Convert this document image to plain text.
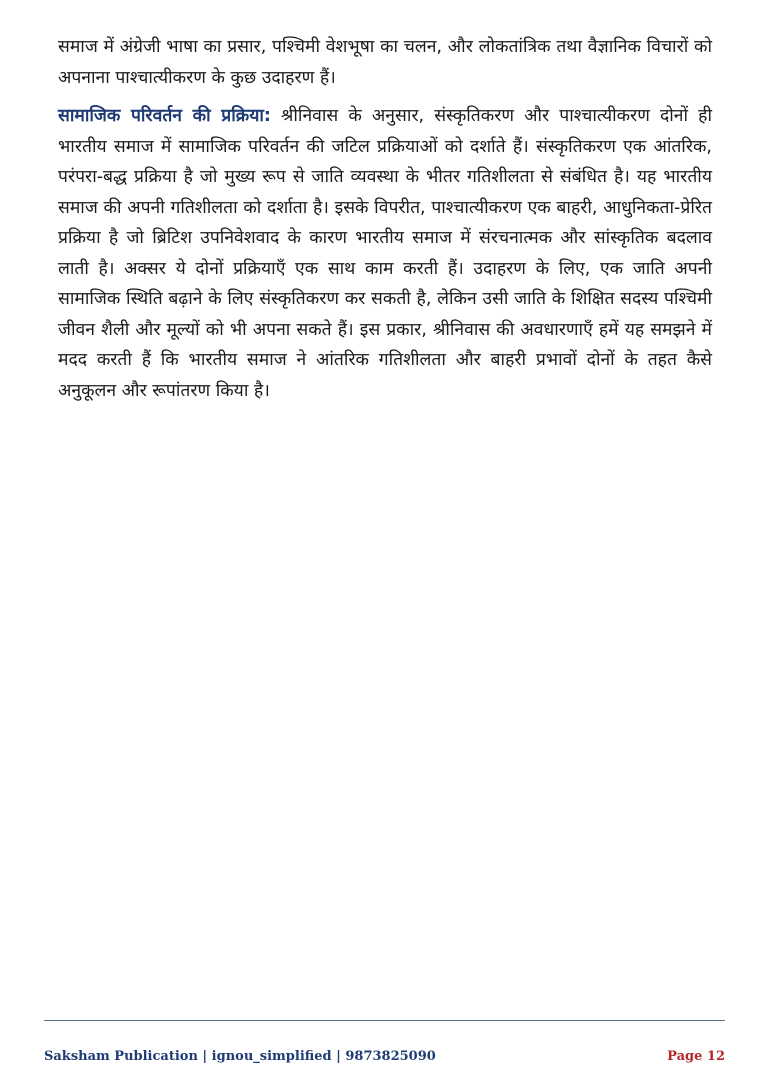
समाज में अंग्रेजी भाषा का प्रसार, पश्चिमी वेशभूषा का चलन, और लोकतांत्रिक तथा वैज्ञानिक विचारों को अपनाना पाश्चात्यीकरण के कुछ उदाहरण हैं।

सामाजिक परिवर्तन की प्रक्रिया: श्रीनिवास के अनुसार, संस्कृतिकरण और पाश्चात्यीकरण दोनों ही भारतीय समाज में सामाजिक परिवर्तन की जटिल प्रक्रियाओं को दर्शाते हैं। संस्कृतिकरण एक आंतरिक, परंपरा-बद्ध प्रक्रिया है जो मुख्य रूप से जाति व्यवस्था के भीतर गतिशीलता से संबंधित है। यह भारतीय समाज की अपनी गतिशीलता को दर्शाता है। इसके विपरीत, पाश्चात्यीकरण एक बाहरी, आधुनिकता-प्रेरित प्रक्रिया है जो ब्रिटिश उपनिवेशवाद के कारण भारतीय समाज में संरचनात्मक और सांस्कृतिक बदलाव लाती है। अक्सर ये दोनों प्रक्रियाएँ एक साथ काम करती हैं। उदाहरण के लिए, एक जाति अपनी सामाजिक स्थिति बढ़ाने के लिए संस्कृतिकरण कर सकती है, लेकिन उसी जाति के शिक्षित सदस्य पश्चिमी जीवन शैली और मूल्यों को भी अपना सकते हैं। इस प्रकार, श्रीनिवास की अवधारणाएँ हमें यह समझने में मदद करती हैं कि भारतीय समाज ने आंतरिक गतिशीलता और बाहरी प्रभावों दोनों के तहत कैसे अनुकूलन और रूपांतरण किया है।

Saksham Publication | ignou_simplified | 9873825090	Page 12
